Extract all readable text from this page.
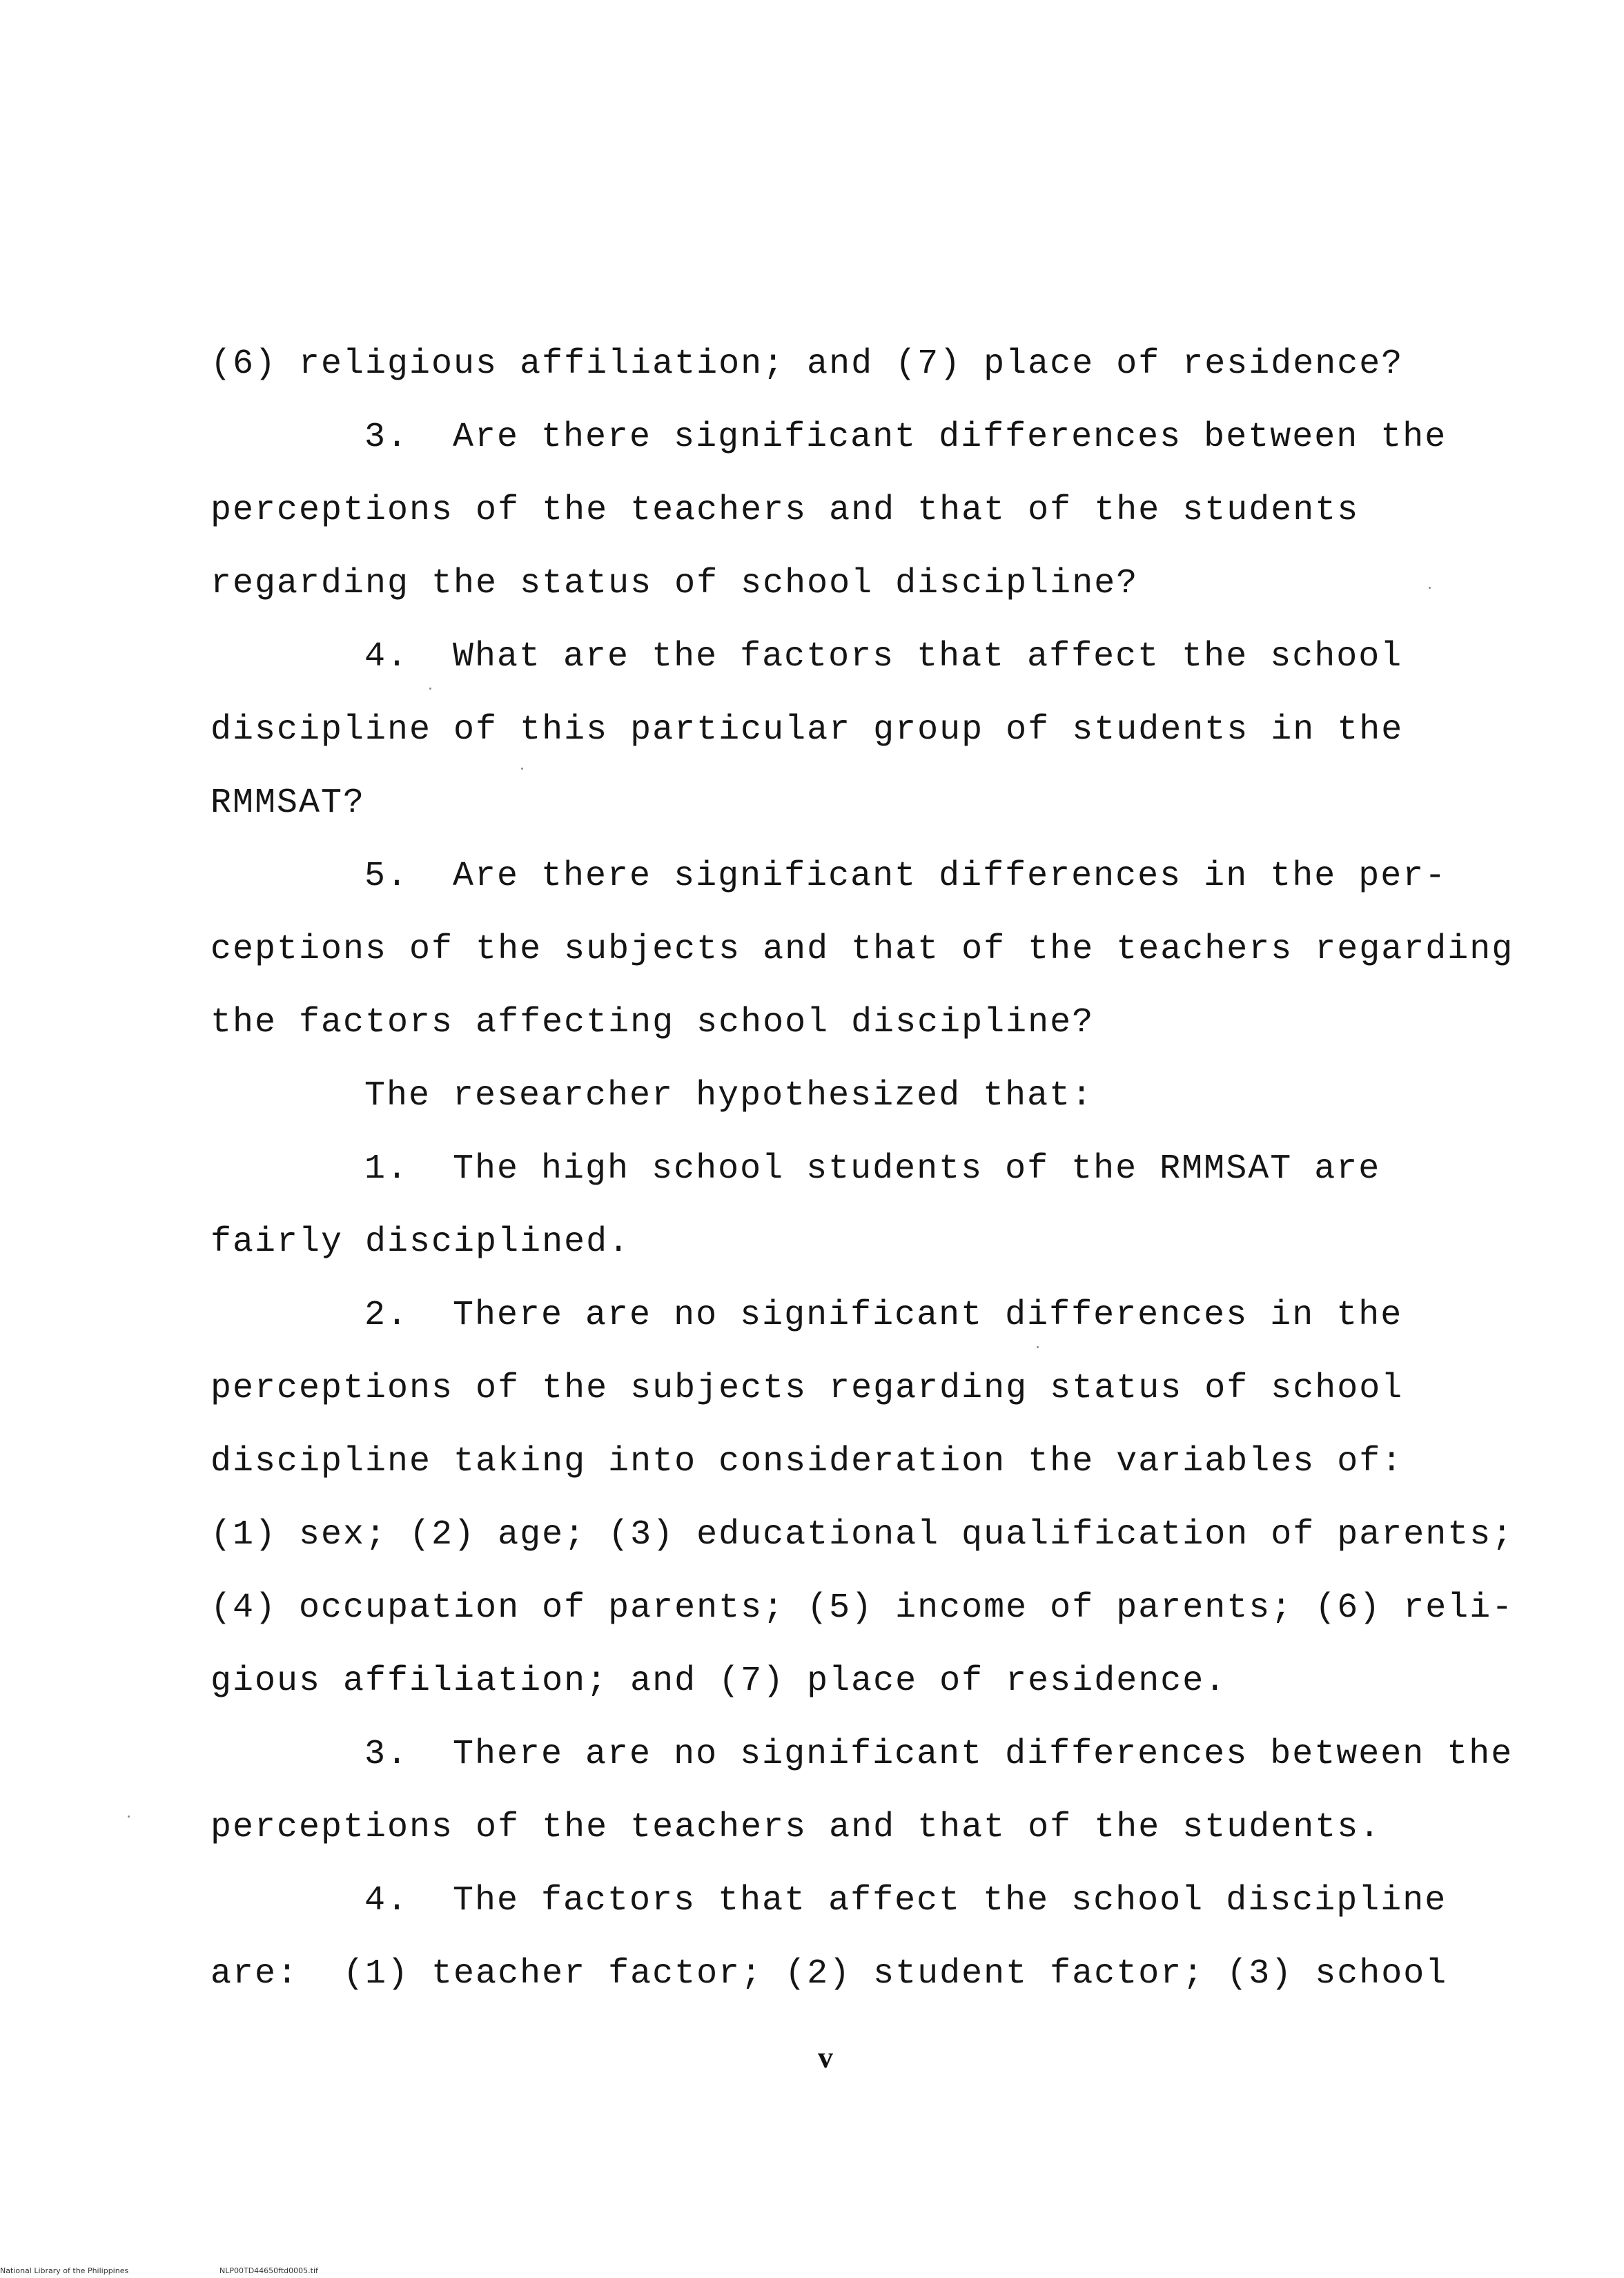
(6) religious affiliation; and (7) place of residence?
3.  Are there significant differences between the
perceptions of the teachers and that of the students
regarding the status of school discipline?
4.  What are the factors that affect the school
discipline of this particular group of students in the
RMMSAT?
5.  Are there significant differences in the per-
ceptions of the subjects and that of the teachers regarding
the factors affecting school discipline?
The researcher hypothesized that:
1.  The high school students of the RMMSAT are
fairly disciplined.
2.  There are no significant differences in the
perceptions of the subjects regarding status of school
discipline taking into consideration the variables of:
(1) sex; (2) age; (3) educational qualification of parents;
(4) occupation of parents; (5) income of parents; (6) reli-
gious affiliation; and (7) place of residence.
3.  There are no significant differences between the
perceptions of the teachers and that of the students.
4.  The factors that affect the school discipline
are:  (1) teacher factor; (2) student factor; (3) school
v
National Library of the Philippines	NLP00TD44650ftd0005.tif
